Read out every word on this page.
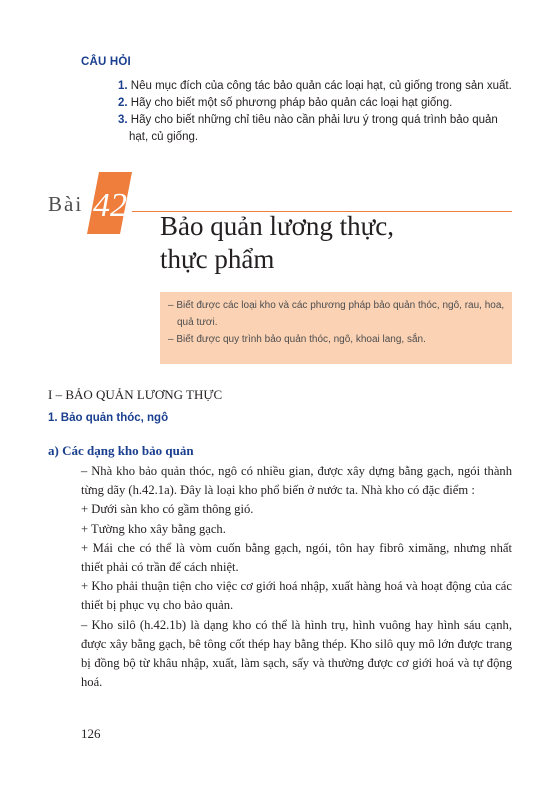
CÂU HỎI

1. Nêu mục đích của công tác bảo quản các loại hạt, củ giống trong sản xuất.

2. Hãy cho biết một số phương pháp bảo quản các loại hạt giống.

3. Hãy cho biết những chỉ tiêu nào cần phải lưu ý trong quá trình bảo quản hạt, củ giống.

Bài 42
Bảo quản lương thực,
thực phẩm

– Biết được các loại kho và các phương pháp bảo quản thóc, ngô, rau, hoa, quả tươi.

– Biết được quy trình bảo quản thóc, ngô, khoai lang, sắn.

I – BẢO QUẢN LƯƠNG THỰC
1. Bảo quản thóc, ngô
a) Các dạng kho bảo quản

– Nhà kho bảo quản thóc, ngô có nhiều gian, được xây dựng bằng gạch, ngói thành từng dãy (h.42.1a). Đây là loại kho phổ biến ở nước ta. Nhà kho có đặc điểm :

+ Dưới sàn kho có gầm thông gió.

+ Tường kho xây bằng gạch.

+ Mái che có thể là vòm cuốn bằng gạch, ngói, tôn hay fibrô ximăng, nhưng nhất thiết phải có trần để cách nhiệt.

+ Kho phải thuận tiện cho việc cơ giới hoá nhập, xuất hàng hoá và hoạt động của các thiết bị phục vụ cho bảo quản.

– Kho silô (h.42.1b) là dạng kho có thể là hình trụ, hình vuông hay hình sáu cạnh, được xây bằng gạch, bê tông cốt thép hay bằng thép. Kho silô quy mô lớn được trang bị đồng bộ từ khâu nhập, xuất, làm sạch, sấy và thường được cơ giới hoá và tự động hoá.

126
